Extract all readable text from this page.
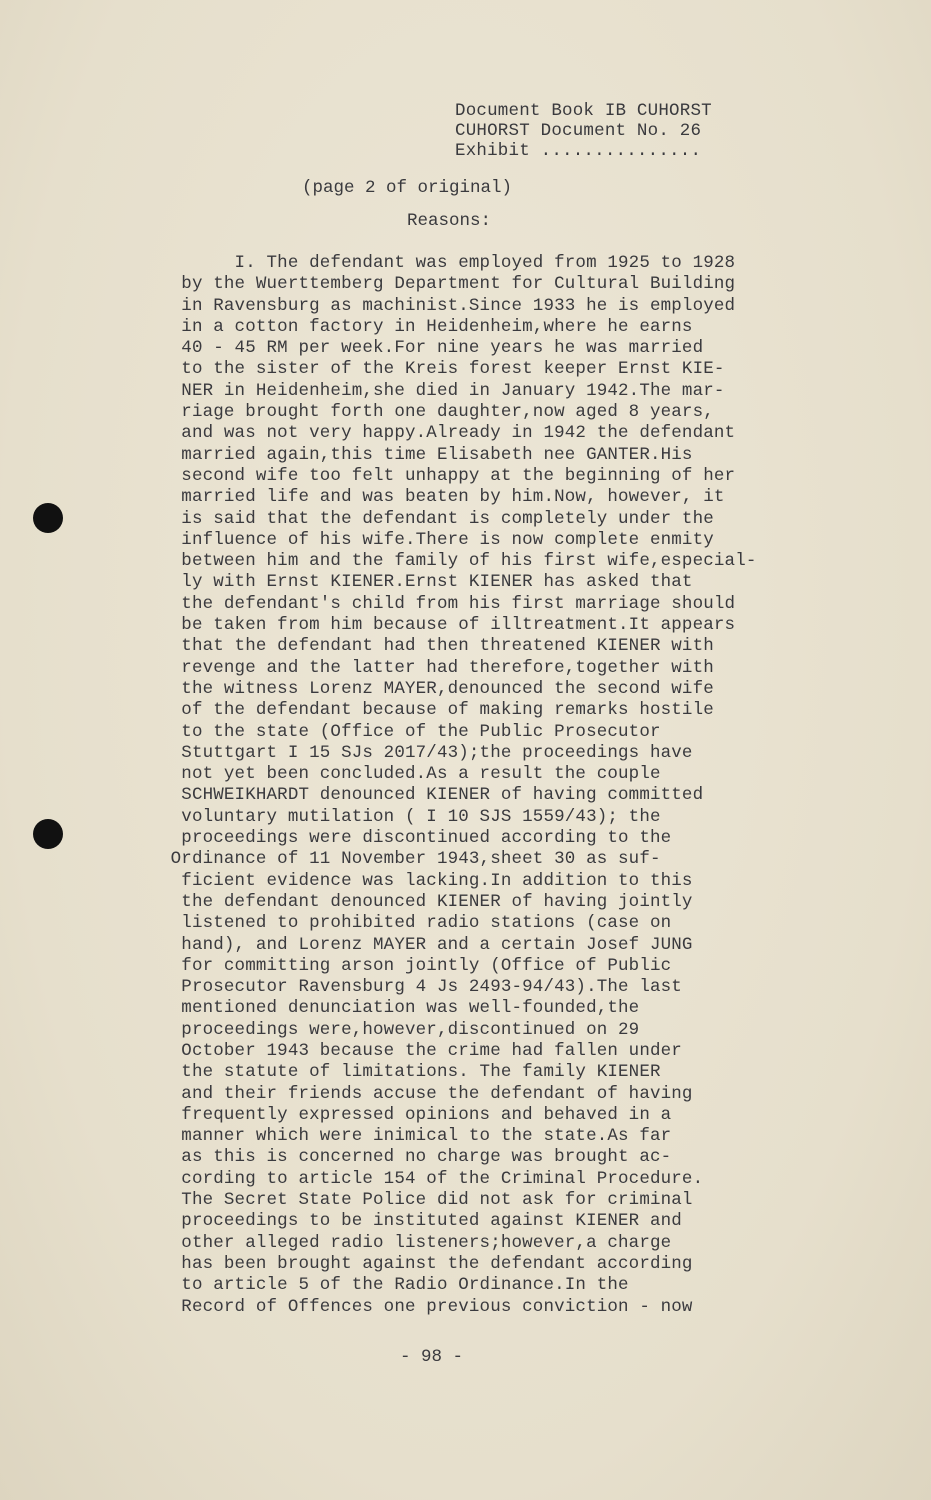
Document Book IB CUHORST
CUHORST Document No. 26
Exhibit ...............
(page 2 of original)
Reasons:
I. The defendant was employed from 1925 to 1928
by the Wuerttemberg Department for Cultural Building
in Ravensburg as machinist.Since 1933 he is employed
in a cotton factory in Heidenheim,where he earns
40 - 45 RM per week.For nine years he was married
to the sister of the Kreis forest keeper Ernst KIE-
NER in Heidenheim,she died in January 1942.The mar-
riage brought forth one daughter,now aged 8 years,
and was not very happy.Already in 1942 the defendant
married again,this time Elisabeth nee GANTER.His
second wife too felt unhappy at the beginning of her
married life and was beaten by him.Now, however, it
is said that the defendant is completely under the
influence of his wife.There is now complete enmity
between him and the family of his first wife,especial-
ly with Ernst KIENER.Ernst KIENER has asked that
the defendant's child from his first marriage should
be taken from him because of illtreatment.It appears
that the defendant had then threatened KIENER with
revenge and the latter had therefore,together with
the witness Lorenz MAYER,denounced the second wife
of the defendant because of making remarks hostile
to the state (Office of the Public Prosecutor
Stuttgart I 15 SJs 2017/43);the proceedings have
not yet been concluded.As a result the couple
SCHWEIKHARDT denounced KIENER of having committed
voluntary mutilation ( I 10 SJS 1559/43); the
proceedings were discontinued according to the
Ordinance of 11 November 1943,sheet 30 as suf-
ficient evidence was lacking.In addition to this
the defendant denounced KIENER of having jointly
listened to prohibited radio stations (case on
hand), and Lorenz MAYER and a certain Josef JUNG
for committing arson jointly (Office of Public
Prosecutor Ravensburg 4 Js 2493-94/43).The last
mentioned denunciation was well-founded,the
proceedings were,however,discontinued on 29
October 1943 because the crime had fallen under
the statute of limitations. The family KIENER
and their friends accuse the defendant of having
frequently expressed opinions and behaved in a
manner which were inimical to the state.As far
as this is concerned no charge was brought ac-
cording to article 154 of the Criminal Procedure.
The Secret State Police did not ask for criminal
proceedings to be instituted against KIENER and
other alleged radio listeners;however,a charge
has been brought against the defendant according
to article 5 of the Radio Ordinance.In the
Record of Offences one previous conviction - now
- 98 -
